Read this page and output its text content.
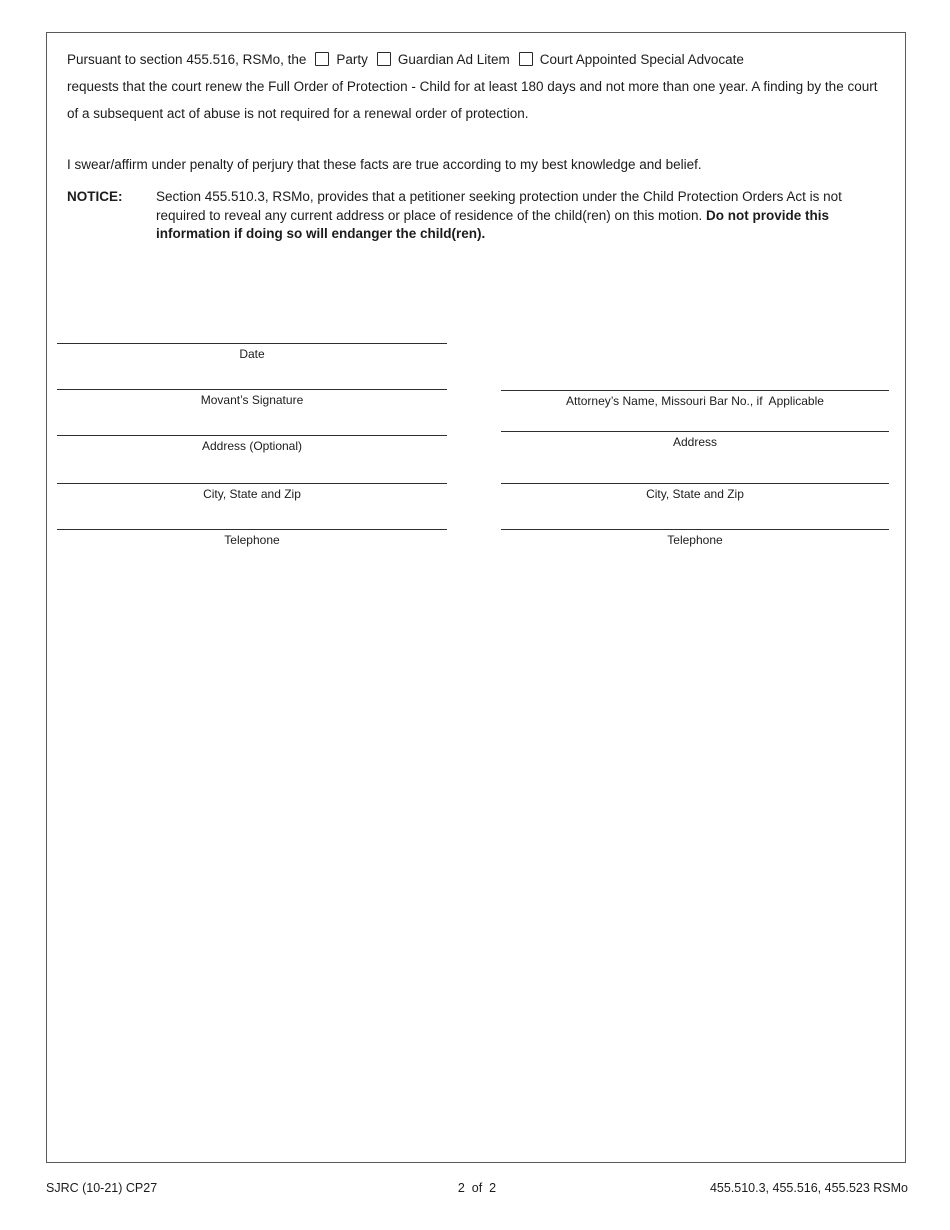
Pursuant to section 455.516, RSMo, the Party Guardian Ad Litem Court Appointed Special Advocate
requests that the court renew the Full Order of Protection - Child for at least 180 days and not more than one year. A finding by the court of a subsequent act of abuse is not required for a renewal order of protection.
I swear/affirm under penalty of perjury that these facts are true according to my best knowledge and belief.
NOTICE:	Section 455.510.3, RSMo, provides that a petitioner seeking protection under the Child Protection Orders Act is not required to reveal any current address or place of residence of the child(ren) on this motion. Do not provide this information if doing so will endanger the child(ren).
Date
Movant’s Signature
Address (Optional)
City, State and Zip
Telephone
Attorney’s Name, Missouri Bar No., if  Applicable
Address
City, State and Zip
Telephone
SJRC (10-21) CP27	2  of  2	455.510.3, 455.516, 455.523 RSMo
